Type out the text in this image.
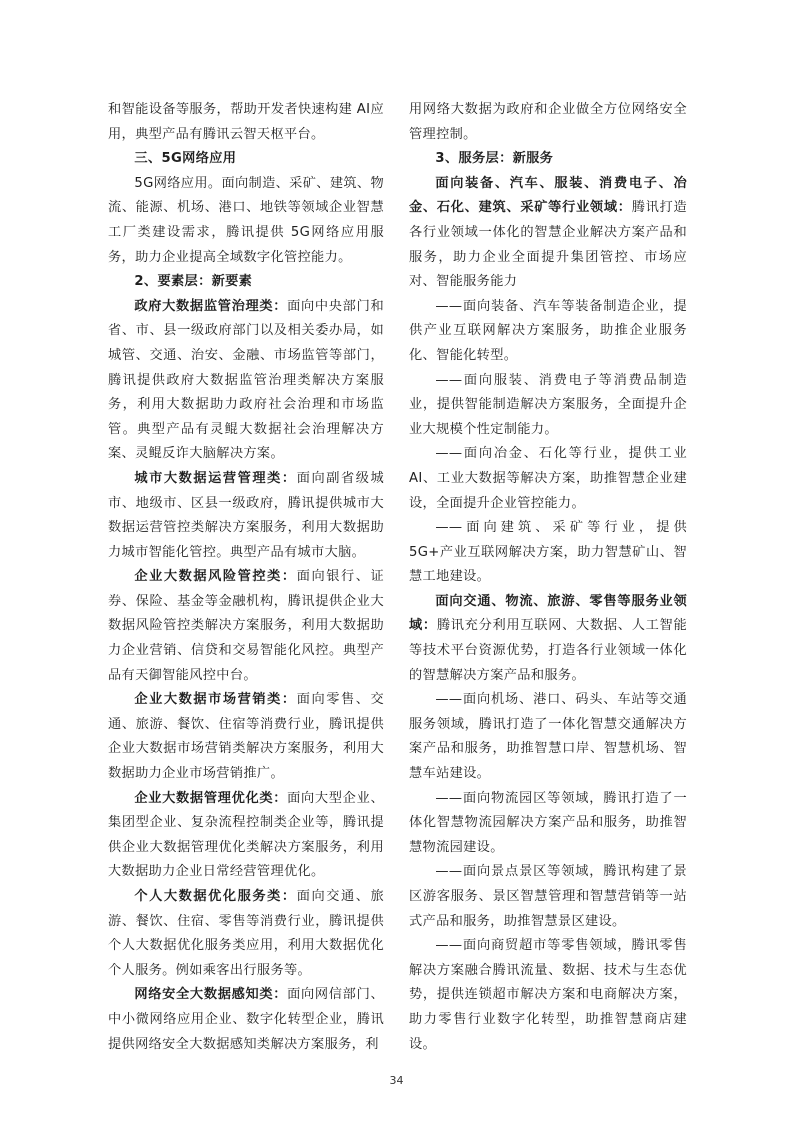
和智能设备等服务，帮助开发者快速构建 AI应用，典型产品有腾讯云智天枢平台。

三、5G网络应用

5G网络应用。面向制造、采矿、建筑、物流、能源、机场、港口、地铁等领域企业智慧工厂类建设需求，腾讯提供 5G网络应用服务，助力企业提高全域数字化管控能力。

2、要素层：新要素

政府大数据监管治理类：面向中央部门和省、市、县一级政府部门以及相关委办局，如城管、交通、治安、金融、市场监管等部门，腾讯提供政府大数据监管治理类解决方案服务，利用大数据助力政府社会治理和市场监管。典型产品有灵鲲大数据社会治理解决方案、灵鲲反诈大脑解决方案。

城市大数据运营管理类：面向副省级城市、地级市、区县一级政府，腾讯提供城市大数据运营管控类解决方案服务，利用大数据助力城市智能化管控。典型产品有城市大脑。

企业大数据风险管控类：面向银行、证券、保险、基金等金融机构，腾讯提供企业大数据风险管控类解决方案服务，利用大数据助力企业营销、信贷和交易智能化风控。典型产品有天御智能风控中台。

企业大数据市场营销类：面向零售、交通、旅游、餐饮、住宿等消费行业，腾讯提供企业大数据市场营销类解决方案服务，利用大数据助力企业市场营销推广。

企业大数据管理优化类：面向大型企业、集团型企业、复杂流程控制类企业等，腾讯提供企业大数据管理优化类解决方案服务，利用大数据助力企业日常经营管理优化。

个人大数据优化服务类：面向交通、旅游、餐饮、住宿、零售等消费行业，腾讯提供个人大数据优化服务类应用，利用大数据优化个人服务。例如乘客出行服务等。

网络安全大数据感知类：面向网信部门、中小微网络应用企业、数字化转型企业，腾讯提供网络安全大数据感知类解决方案服务，利

用网络大数据为政府和企业做全方位网络安全管理控制。

3、服务层：新服务

面向装备、汽车、服装、消费电子、冶金、石化、建筑、采矿等行业领域：腾讯打造各行业领域一体化的智慧企业解决方案产品和服务，助力企业全面提升集团管控、市场应对、智能服务能力

——面向装备、汽车等装备制造企业，提供产业互联网解决方案服务，助推企业服务化、智能化转型。

——面向服装、消费电子等消费品制造业，提供智能制造解决方案服务，全面提升企业大规模个性定制能力。

——面向冶金、石化等行业，提供工业AI、工业大数据等解决方案，助推智慧企业建设，全面提升企业管控能力。

——面向建筑、采矿等行业，提供 5G+产业互联网解决方案，助力智慧矿山、智慧工地建设。

面向交通、物流、旅游、零售等服务业领域：腾讯充分利用互联网、大数据、人工智能等技术平台资源优势，打造各行业领域一体化的智慧解决方案产品和服务。

——面向机场、港口、码头、车站等交通服务领域，腾讯打造了一体化智慧交通解决方案产品和服务，助推智慧口岸、智慧机场、智慧车站建设。

——面向物流园区等领域，腾讯打造了一体化智慧物流园解决方案产品和服务，助推智慧物流园建设。

——面向景点景区等领域，腾讯构建了景区游客服务、景区智慧管理和智慧营销等一站式产品和服务，助推智慧景区建设。

——面向商贸超市等零售领域，腾讯零售解决方案融合腾讯流量、数据、技术与生态优势，提供连锁超市解决方案和电商解决方案，助力零售行业数字化转型，助推智慧商店建设。

34
